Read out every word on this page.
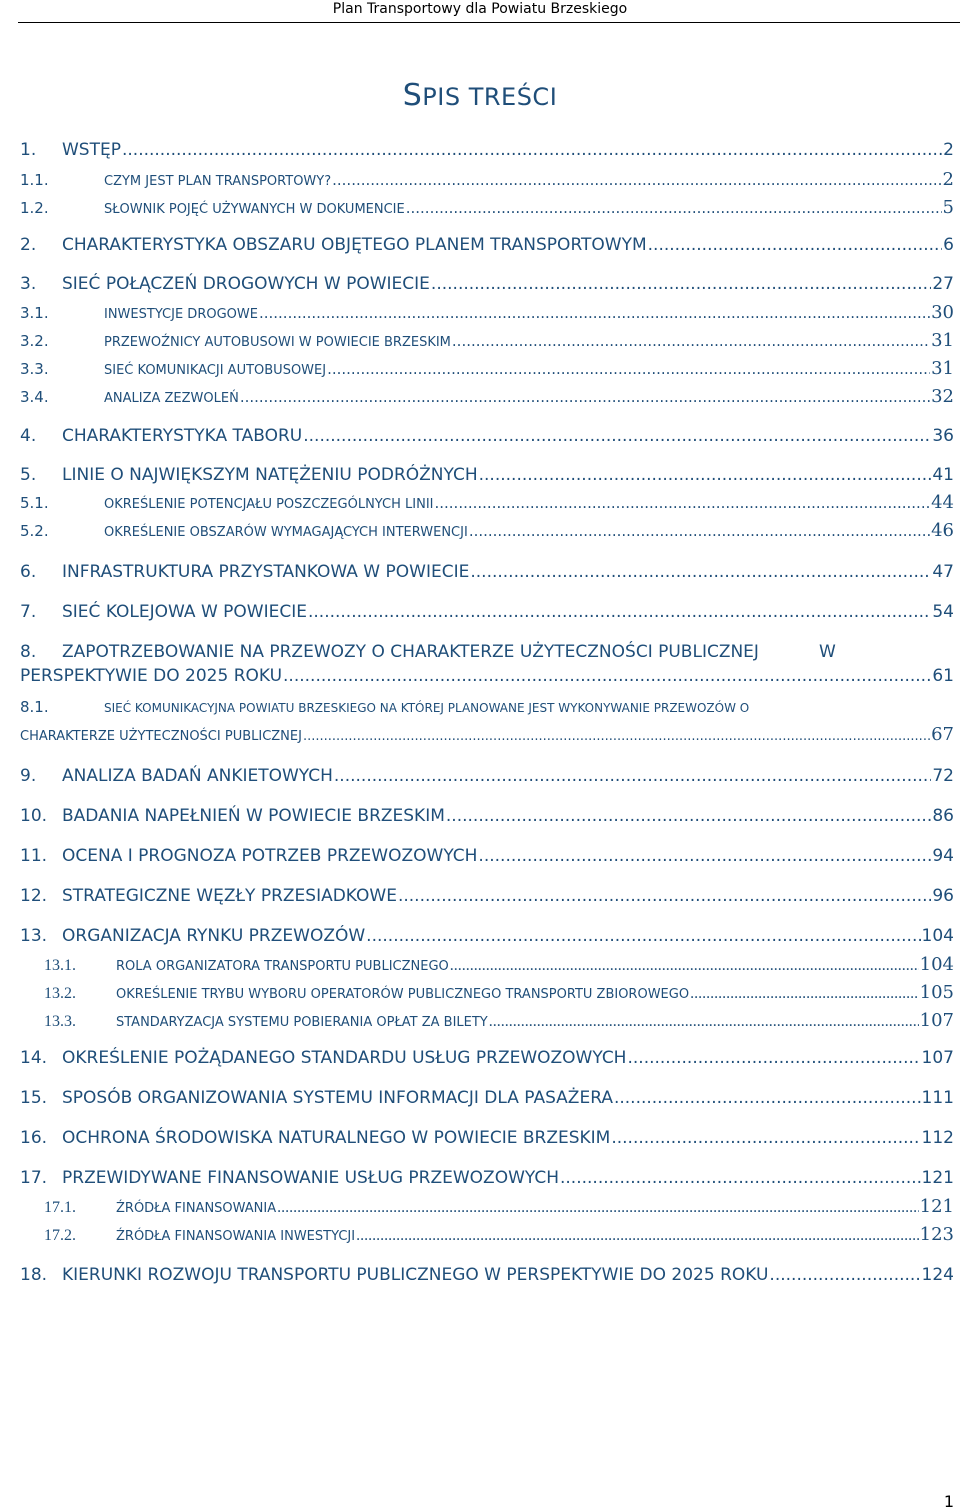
Plan Transportowy dla Powiatu Brzeskiego
SPIS TREŚCI
1.	WSTĘP .....	2
1.1.	CZYM JEST PLAN TRANSPORTOWY? .....	2
1.2.	SŁOWNIK POJĘĆ UŻYWANYCH W DOKUMENCIE .....	5
2.	CHARAKTERYSTYKA OBSZARU OBJĘTEGO PLANEM TRANSPORTOWYM .....	6
3.	SIEĆ POŁĄCZEŃ DROGOWYCH W POWIECIE .....	27
3.1.	INWESTYCJE DROGOWE .....	30
3.2.	PRZEWOŹNICY AUTOBUSOWI W POWIECIE BRZESKIM .....	31
3.3.	SIEĆ KOMUNIKACJI AUTOBUSOWEJ .....	31
3.4.	ANALIZA ZEZWOLEŃ .....	32
4.	CHARAKTERYSTYKA TABORU .....	36
5.	LINIE O NAJWIĘKSZYM NATĘŻENIU PODRÓŻNYCH .....	41
5.1.	OKREŚLENIE POTENCJAŁU POSZCZEGÓLNYCH LINII .....	44
5.2.	OKREŚLENIE OBSZARÓW WYMAGAJĄCYCH INTERWENCJI .....	46
6.	INFRASTRUKTURA PRZYSTANKOWA W POWIECIE .....	47
7.	SIEĆ KOLEJOWA W POWIECIE .....	54
8.	ZAPOTRZEBOWANIE NA PRZEWOZY O CHARAKTERZE UŻYTECZNOŚCI PUBLICZNEJ	W
PERSPEKTYWIE DO 2025 ROKU .....	61
8.1.	SIEĆ KOMUNIKACYJNA POWIATU BRZESKIEGO NA KTÓREJ PLANOWANE JEST WYKONYWANIE PRZEWOZÓW O
CHARAKTERZE UŻYTECZNOŚCI PUBLICZNEJ .....	67
9.	ANALIZA BADAŃ ANKIETOWYCH .....	72
10. BADANIA NAPEŁNIEŃ W POWIECIE BRZESKIM .....	86
11. OCENA I PROGNOZA POTRZEB PRZEWOZOWYCH .....	94
12. STRATEGICZNE WĘZŁY PRZESIADKOWE .....	96
13. ORGANIZACJA RYNKU PRZEWOZÓW .....	104
13.1.	ROLA ORGANIZATORA TRANSPORTU PUBLICZNEGO .....	104
13.2.	OKREŚLENIE TRYBU WYBORU OPERATORÓW PUBLICZNEGO TRANSPORTU ZBIOROWEGO .....	105
13.3.	STANDARYZACJA SYSTEMU POBIERANIA OPŁAT ZA BILETY .....	107
14. OKREŚLENIE POŻĄDANEGO STANDARDU USŁUG PRZEWOZOWYCH .....	107
15. SPOSÓB ORGANIZOWANIA SYSTEMU INFORMACJI DLA PASAŻERA .....	111
16. OCHRONA ŚRODOWISKA NATURALNEGO W POWIECIE BRZESKIM .....	112
17. PRZEWIDYWANE FINANSOWANIE USŁUG PRZEWOZOWYCH .....	121
17.1.	ŹRÓDŁA FINANSOWANIA .....	121
17.2.	ŹRÓDŁA FINANSOWANIA INWESTYCJI .....	123
18. KIERUNKI ROZWOJU TRANSPORTU PUBLICZNEGO W PERSPEKTYWIE DO 2025 ROKU .....	124
1
